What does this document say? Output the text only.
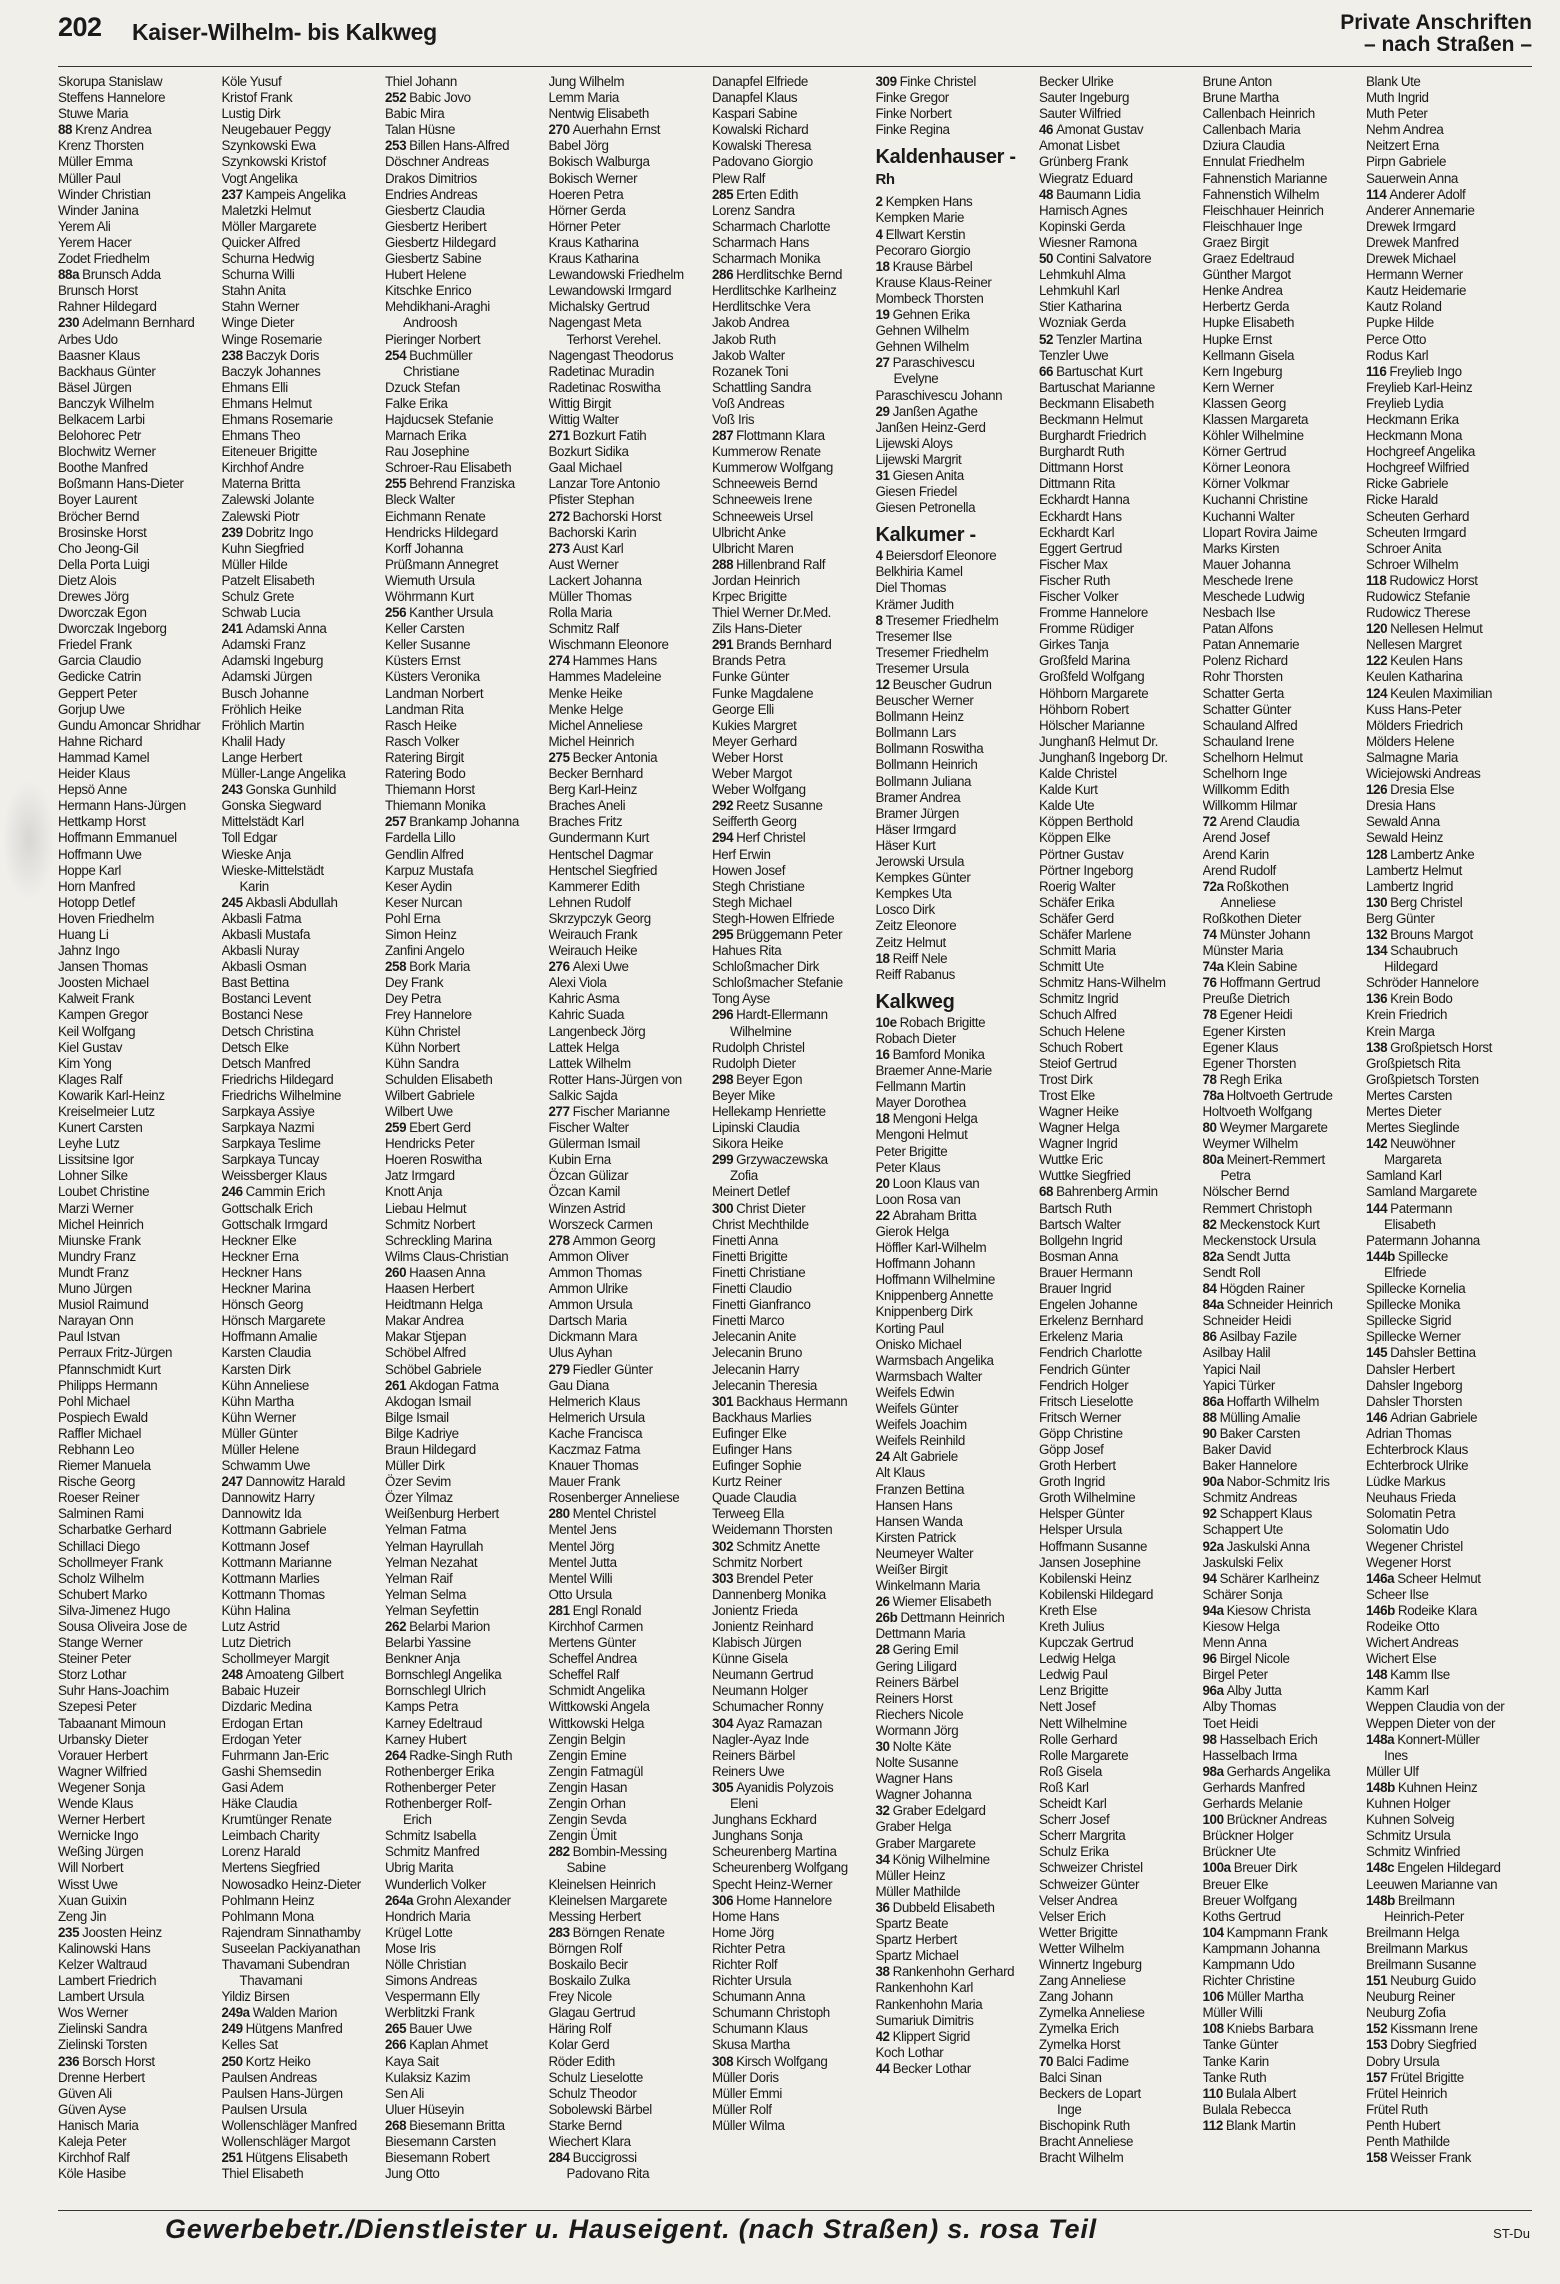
202 Kaiser-Wilhelm- bis Kalkweg	Private Anschriften
– nach Straßen –
Skorupa Stanislaw
Steffens Hannelore
Stuwe Maria
88 Krenz Andrea
Krenz Thorsten
Müller Emma
Müller Paul
Winder Christian
Winder Janina
Yerem Ali
Yerem Hacer
Zodet Friedhelm
88a Brunsch Adda
Brunsch Horst
Rahner Hildegard
230 Adelmann Bernhard
Arbes Udo
Baasner Klaus
Backhaus Günter
Bäsel Jürgen
Banczyk Wilhelm
Belkacem Larbi
Belohorec Petr
Blochwitz Werner
Boothe Manfred
Boßmann Hans-Dieter
Boyer Laurent
Bröcher Bernd
Brosinske Horst
Cho Jeong-Gil
Della Porta Luigi
Dietz Alois
Drewes Jörg
Dworczak Egon
Dworczak Ingeborg
Friedel Frank
Garcia Claudio
Gedicke Catrin
Geppert Peter
Gorjup Uwe
Gundu Amoncar Shridhar
Hahne Richard
Hammad Kamel
Heider Klaus
Hepsö Anne
Hermann Hans-Jürgen
Hettkamp Horst
Hoffmann Emmanuel
Hoffmann Uwe
Hoppe Karl
Horn Manfred
Hotopp Detlef
Hoven Friedhelm
Huang Li
Jahnz Ingo
Jansen Thomas
Joosten Michael
Kalweit Frank
Kampen Gregor
Keil Wolfgang
Kiel Gustav
Kim Yong
Klages Ralf
Kowarik Karl-Heinz
Kreiselmeier Lutz
Kunert Carsten
Leyhe Lutz
Lissitsine Igor
Lohner Silke
Loubet Christine
Marzi Werner
Michel Heinrich
Miunske Frank
Mundry Franz
Mundt Franz
Muno Jürgen
Musiol Raimund
Narayan Onn
Paul Istvan
Perraux Fritz-Jürgen
Pfannschmidt Kurt
Philipps Hermann
Pohl Michael
Pospiech Ewald
Raffler Michael
Rebhann Leo
Riemer Manuela
Rische Georg
Roeser Reiner
Salminen Rami
Scharbatke Gerhard
Schillaci Diego
Schollmeyer Frank
Scholz Wilhelm
Schubert Marko
Silva-Jimenez Hugo
Sousa Oliveira Jose de
Stange Werner
Steiner Peter
Storz Lothar
Suhr Hans-Joachim
Szepesi Peter
Tabaanant Mimoun
Urbansky Dieter
Vorauer Herbert
Wagner Wilfried
Wegener Sonja
Wende Klaus
Werner Herbert
Wernicke Ingo
Weßing Jürgen
Will Norbert
Wisst Uwe
Xuan Guixin
Zeng Jin
235 Joosten Heinz
Kalinowski Hans
Kelzer Waltraud
Lambert Friedrich
Lambert Ursula
Wos Werner
Zielinski Sandra
Zielinski Torsten
236 Borsch Horst
Drenne Herbert
Güven Ali
Güven Ayse
Hanisch Maria
Kaleja Peter
Kirchhof Ralf
Köle Hasibe
Köle Yusuf
Kristof Frank
Lustig Dirk
Neugebauer Peggy
Szynkowski Ewa
Szynkowski Kristof
Vogt Angelika
237 Kampeis Angelika
Maletzki Helmut
Möller Margarete
Quicker Alfred
Schurna Hedwig
Schurna Willi
Stahn Anita
Stahn Werner
Winge Dieter
Winge Rosemarie
238 Baczyk Doris
Baczyk Johannes
Ehmans Elli
Ehmans Helmut
Ehmans Rosemarie
Ehmans Theo
Eiteneuer Brigitte
Kirchhof Andre
Materna Britta
Zalewski Jolante
Zalewski Piotr
239 Dobritz Ingo
Kuhn Siegfried
Müller Hilde
Patzelt Elisabeth
Schulz Grete
Schwab Lucia
241 Adamski Anna
Adamski Franz
Adamski Ingeburg
Adamski Jürgen
Busch Johanne
Fröhlich Heike
Fröhlich Martin
Khalil Hady
Lange Herbert
Müller-Lange Angelika
243 Gonska Gunhild
Gonska Siegward
Mittelstädt Karl
Toll Edgar
Wieske Anja
Wieske-Mittelstädt
Karin
245 Akbasli Abdullah
Akbasli Fatma
Akbasli Mustafa
Akbasli Nuray
Akbasli Osman
Bast Bettina
Bostanci Levent
Bostanci Nese
Detsch Christina
Detsch Elke
Detsch Manfred
Friedrichs Hildegard
Friedrichs Wilhelmine
Sarpkaya Assiye
Sarpkaya Nazmi
Sarpkaya Teslime
Sarpkaya Tuncay
Weissberger Klaus
246 Cammin Erich
Gottschalk Erich
Gottschalk Irmgard
Heckner Elke
Heckner Erna
Heckner Hans
Heckner Marina
Hönsch Georg
Hönsch Margarete
Hoffmann Amalie
Karsten Claudia
Karsten Dirk
Kühn Anneliese
Kühn Martha
Kühn Werner
Müller Günter
Müller Helene
Schwamm Uwe
247 Dannowitz Harald
Dannowitz Harry
Dannowitz Ida
Kottmann Gabriele
Kottmann Josef
Kottmann Marianne
Kottmann Marlies
Kottmann Thomas
Kühn Halina
Lutz Astrid
Lutz Dietrich
Schollmeyer Margit
248 Amoateng Gilbert
Babaic Huzeir
Dizdaric Medina
Erdogan Ertan
Erdogan Yeter
Fuhrmann Jan-Eric
Gashi Shemsedin
Gasi Adem
Häke Claudia
Krumtünger Renate
Leimbach Charity
Lorenz Harald
Mertens Siegfried
Nowosadko Heinz-Dieter
Pohlmann Heinz
Pohlmann Mona
Rajendram Sinnathamby
Suseelan Packiyanathan
Thavamani Subendran
Thavamani
Yildiz Birsen
249a Walden Marion
249 Hütgens Manfred
Kelles Sat
250 Kortz Heiko
Paulsen Andreas
Paulsen Hans-Jürgen
Paulsen Ursula
Wollenschläger Manfred
Wollenschläger Margot
251 Hütgens Elisabeth
Thiel Elisabeth
Thiel Johann
252 Babic Jovo
Babic Mira
Talan Hüsne
253 Billen Hans-Alfred
Döschner Andreas
Drakos Dimitrios
Endries Andreas
Giesbertz Claudia
Giesbertz Heribert
Giesbertz Hildegard
Giesbertz Sabine
Hubert Helene
Kitschke Enrico
Mehdikhani-Araghi
Androosh
Pieringer Norbert
254 Buchmüller
Christiane
Dzuck Stefan
Falke Erika
Hajducsek Stefanie
Marnach Erika
Rau Josephine
Schroer-Rau Elisabeth
255 Behrend Franziska
Bleck Walter
Eichmann Renate
Hendricks Hildegard
Korff Johanna
Prüßmann Annegret
Wiemuth Ursula
Wöhrmann Kurt
256 Kanther Ursula
Keller Carsten
Keller Susanne
Küsters Ernst
Küsters Veronika
Landman Norbert
Landman Rita
Rasch Heike
Rasch Volker
Ratering Birgit
Ratering Bodo
Thiemann Horst
Thiemann Monika
257 Brankamp Johanna
Fardella Lillo
Gendlin Alfred
Karpuz Mustafa
Keser Aydin
Keser Nurcan
Pohl Erna
Simon Heinz
Zanfini Angelo
258 Bork Maria
Dey Frank
Dey Petra
Frey Hannelore
Kühn Christel
Kühn Norbert
Kühn Sandra
Schulden Elisabeth
Wilbert Gabriele
Wilbert Uwe
259 Ebert Gerd
Hendricks Peter
Hoeren Roswitha
Jatz Irmgard
Knott Anja
Liebau Helmut
Schmitz Norbert
Schreckling Marina
Wilms Claus-Christian
260 Haasen Anna
Haasen Herbert
Heidtmann Helga
Makar Andrea
Makar Stjepan
Schöbel Alfred
Schöbel Gabriele
261 Akdogan Fatma
Akdogan Ismail
Bilge Ismail
Bilge Kadriye
Braun Hildegard
Müller Dirk
Özer Sevim
Özer Yilmaz
Weißenburg Herbert
Yelman Fatma
Yelman Hayrullah
Yelman Nezahat
Yelman Raif
Yelman Selma
Yelman Seyfettin
262 Belarbi Marion
Belarbi Yassine
Benkner Anja
Bornschlegl Angelika
Bornschlegl Ulrich
Kamps Petra
Karney Edeltraud
Karney Hubert
264 Radke-Singh Ruth
Rothenberger Erika
Rothenberger Peter
Rothenberger Rolf-
Erich
Schmitz Isabella
Schmitz Manfred
Ubrig Marita
Wunderlich Volker
264a Grohn Alexander
Hondrich Maria
Krügel Lotte
Mose Iris
Nölle Christian
Simons Andreas
Vespermann Elly
Werblitzki Frank
265 Bauer Uwe
266 Kaplan Ahmet
Kaya Sait
Kulaksiz Kazim
Sen Ali
Uluer Hüseyin
268 Biesemann Britta
Biesemann Carsten
Biesemann Robert
Jung Otto
Jung Wilhelm
Lemm Maria
Nentwig Elisabeth
270 Auerhahn Ernst
Babel Jörg
Bokisch Walburga
Bokisch Werner
Hoeren Petra
Hörner Gerda
Hörner Peter
Kraus Katharina
Kraus Katharina
Lewandowski Friedhelm
Lewandowski Irmgard
Michalsky Gertrud
Nagengast Meta
Terhorst Verehel.
Nagengast Theodorus
Radetinac Muradin
Radetinac Roswitha
Wittig Birgit
Wittig Walter
271 Bozkurt Fatih
Bozkurt Sidika
Gaal Michael
Lanzar Tore Antonio
Pfister Stephan
272 Bachorski Horst
Bachorski Karin
273 Aust Karl
Aust Werner
Lackert Johanna
Müller Thomas
Rolla Maria
Schmitz Ralf
Wischmann Eleonore
274 Hammes Hans
Hammes Madeleine
Menke Heike
Menke Helge
Michel Anneliese
Michel Heinrich
275 Becker Antonia
Becker Bernhard
Berg Karl-Heinz
Braches Aneli
Braches Fritz
Gundermann Kurt
Hentschel Dagmar
Hentschel Siegfried
Kammerer Edith
Lehnen Rudolf
Skrzypczyk Georg
Weirauch Frank
Weirauch Heike
276 Alexi Uwe
Alexi Viola
Kahric Asma
Kahric Suada
Langenbeck Jörg
Lattek Helga
Lattek Wilhelm
Rotter Hans-Jürgen von
Salkic Sajda
277 Fischer Marianne
Fischer Walter
Gülerman Ismail
Kubin Erna
Özcan Gülizar
Özcan Kamil
Winzen Astrid
Worszeck Carmen
278 Ammon Georg
Ammon Oliver
Ammon Thomas
Ammon Ulrike
Ammon Ursula
Dartsch Maria
Dickmann Mara
Ulus Ayhan
279 Fiedler Günter
Gau Diana
Helmerich Klaus
Helmerich Ursula
Kache Francisca
Kaczmaz Fatma
Knauer Thomas
Mauer Frank
Rosenberger Anneliese
280 Mentel Christel
Mentel Jens
Mentel Jörg
Mentel Jutta
Mentel Willi
Otto Ursula
281 Engl Ronald
Kirchhof Carmen
Mertens Günter
Scheffel Andrea
Scheffel Ralf
Schmidt Angelika
Wittkowski Angela
Wittkowski Helga
Zengin Belgin
Zengin Emine
Zengin Fatmagül
Zengin Hasan
Zengin Orhan
Zengin Sevda
Zengin Ümit
282 Bombin-Messing
Sabine
Kleinelsen Heinrich
Kleinelsen Margarete
Messing Herbert
283 Börngen Renate
Börngen Rolf
Boskailo Becir
Boskailo Zulka
Frey Nicole
Glagau Gertrud
Häring Rolf
Kolar Gerd
Röder Edith
Schulz Lieselotte
Schulz Theodor
Sobolewski Bärbel
Starke Bernd
Wiechert Klara
284 Buccigrossi
Padovano Rita
Danapfel Elfriede
Danapfel Klaus
Kaspari Sabine
Kowalski Richard
Kowalski Theresa
Padovano Giorgio
Plew Ralf
285 Erten Edith
Lorenz Sandra
Scharmach Charlotte
Scharmach Hans
Scharmach Monika
286 Herdlitschke Bernd
Herdlitschke Karlheinz
Herdlitschke Vera
Jakob Andrea
Jakob Ruth
Jakob Walter
Rozanek Toni
Schattling Sandra
Voß Andreas
Voß Iris
287 Flottmann Klara
Kummerow Renate
Kummerow Wolfgang
Schneeweis Bernd
Schneeweis Irene
Schneeweis Ursel
Ulbricht Anke
Ulbricht Maren
288 Hillenbrand Ralf
Jordan Heinrich
Krpec Brigitte
Thiel Werner Dr.Med.
Zils Hans-Dieter
291 Brands Bernhard
Brands Petra
Funke Günter
Funke Magdalene
George Elli
Kukies Margret
Meyer Gerhard
Weber Horst
Weber Margot
Weber Wolfgang
292 Reetz Susanne
Seifferth Georg
294 Herf Christel
Herf Erwin
Howen Josef
Stegh Christiane
Stegh Michael
Stegh-Howen Elfriede
295 Brüggemann Peter
Hahues Rita
Schloßmacher Dirk
Schloßmacher Stefanie
Tong Ayse
296 Hardt-Ellermann
Wilhelmine
Rudolph Christel
Rudolph Dieter
298 Beyer Egon
Beyer Mike
Hellekamp Henriette
Lipinski Claudia
Sikora Heike
299 Grzywaczewska
Zofia
Meinert Detlef
300 Christ Dieter
Christ Mechthilde
Finetti Anna
Finetti Brigitte
Finetti Christiane
Finetti Claudio
Finetti Gianfranco
Finetti Marco
Jelecanin Anite
Jelecanin Bruno
Jelecanin Harry
Jelecanin Theresia
301 Backhaus Hermann
Backhaus Marlies
Eufinger Elke
Eufinger Hans
Eufinger Sophie
Kurtz Reiner
Quade Claudia
Terweeg Ella
Weidemann Thorsten
302 Schmitz Anette
Schmitz Norbert
303 Brendel Peter
Dannenberg Monika
Jonientz Frieda
Jonientz Reinhard
Klabisch Jürgen
Künne Gisela
Neumann Gertrud
Neumann Holger
Schumacher Ronny
304 Ayaz Ramazan
Nagler-Ayaz Inde
Reiners Bärbel
Reiners Uwe
305 Ayanidis Polyzois
Eleni
Junghans Eckhard
Junghans Sonja
Scheurenberg Martina
Scheurenberg Wolfgang
Specht Heinz-Werner
306 Home Hannelore
Home Hans
Home Jörg
Richter Petra
Richter Rolf
Richter Ursula
Schumann Anna
Schumann Christoph
Schumann Klaus
Skusa Martha
308 Kirsch Wolfgang
Müller Doris
Müller Emmi
Müller Rolf
Müller Wilma
309 Finke Christel
Finke Gregor
Finke Norbert
Finke Regina
Kaldenhauser -
Rh
2 Kempken Hans
Kempken Marie
4 Ellwart Kerstin
Pecoraro Giorgio
18 Krause Bärbel
Krause Klaus-Reiner
Mombeck Thorsten
19 Gehnen Erika
Gehnen Wilhelm
Gehnen Wilhelm
27 Paraschivescu
Evelyne
Paraschivescu Johann
29 Janßen Agathe
Janßen Heinz-Gerd
Lijewski Aloys
Lijewski Margrit
31 Giesen Anita
Giesen Friedel
Giesen Petronella
Kalkumer -
4 Beiersdorf Eleonore
Belkhiria Kamel
Diel Thomas
Krämer Judith
8 Tresemer Friedhelm
Tresemer Ilse
Tresemer Friedhelm
Tresemer Ursula
12 Beuscher Gudrun
Beuscher Werner
Bollmann Heinz
Bollmann Lars
Bollmann Roswitha
Bollmann Heinrich
Bollmann Juliana
Bramer Andrea
Bramer Jürgen
Häser Irmgard
Häser Kurt
Jerowski Ursula
Kempkes Günter
Kempkes Uta
Losco Dirk
Zeitz Eleonore
Zeitz Helmut
18 Reiff Nele
Reiff Rabanus
Kalkweg
10e Robach Brigitte
Robach Dieter
16 Bamford Monika
Braemer Anne-Marie
Fellmann Martin
Mayer Dorothea
18 Mengoni Helga
Mengoni Helmut
Peter Brigitte
Peter Klaus
20 Loon Klaus van
Loon Rosa van
22 Abraham Britta
Gierok Helga
Höffler Karl-Wilhelm
Hoffmann Johann
Hoffmann Wilhelmine
Knippenberg Annette
Knippenberg Dirk
Korting Paul
Onisko Michael
Warmsbach Angelika
Warmsbach Walter
Weifels Edwin
Weifels Günter
Weifels Joachim
Weifels Reinhild
24 Alt Gabriele
Alt Klaus
Franzen Bettina
Hansen Hans
Hansen Wanda
Kirsten Patrick
Neumeyer Walter
Weißer Birgit
Winkelmann Maria
26 Wiemer Elisabeth
26b Dettmann Heinrich
Dettmann Maria
28 Gering Emil
Gering Liligard
Reiners Bärbel
Reiners Horst
Riechers Nicole
Wormann Jörg
30 Nolte Käte
Nolte Susanne
Wagner Hans
Wagner Johanna
32 Graber Edelgard
Graber Helga
Graber Margarete
34 König Wilhelmine
Müller Heinz
Müller Mathilde
36 Dubbeld Elisabeth
Spartz Beate
Spartz Herbert
Spartz Michael
38 Rankenhohn Gerhard
Rankenhohn Karl
Rankenhohn Maria
Sumariuk Dimitris
42 Klippert Sigrid
Koch Lothar
44 Becker Lothar
Becker Ulrike
Sauter Ingeburg
Sauter Wilfried
46 Amonat Gustav
Amonat Lisbet
Grünberg Frank
Wiegratz Eduard
48 Baumann Lidia
Harnisch Agnes
Kopinski Gerda
Wiesner Ramona
50 Contini Salvatore
Lehmkuhl Alma
Lehmkuhl Karl
Stier Katharina
Wozniak Gerda
52 Tenzler Martina
Tenzler Uwe
66 Bartuschat Kurt
Bartuschat Marianne
Beckmann Elisabeth
Beckmann Helmut
Burghardt Friedrich
Burghardt Ruth
Dittmann Horst
Dittmann Rita
Eckhardt Hanna
Eckhardt Hans
Eckhardt Karl
Eggert Gertrud
Fischer Max
Fischer Ruth
Fischer Volker
Fromme Hannelore
Fromme Rüdiger
Girkes Tanja
Großfeld Marina
Großfeld Wolfgang
Höhborn Margarete
Höhborn Robert
Hölscher Marianne
Junghanß Helmut Dr.
Junghanß Ingeborg Dr.
Kalde Christel
Kalde Kurt
Kalde Ute
Köppen Berthold
Köppen Elke
Pörtner Gustav
Pörtner Ingeborg
Roerig Walter
Schäfer Erika
Schäfer Gerd
Schäfer Marlene
Schmitt Maria
Schmitt Ute
Schmitz Hans-Wilhelm
Schmitz Ingrid
Schuch Alfred
Schuch Helene
Schuch Robert
Steiof Gertrud
Trost Dirk
Trost Elke
Wagner Heike
Wagner Helga
Wagner Ingrid
Wuttke Eric
Wuttke Siegfried
68 Bahrenberg Armin
Bartsch Ruth
Bartsch Walter
Bollgehn Ingrid
Bosman Anna
Brauer Hermann
Brauer Ingrid
Engelen Johanne
Erkelenz Bernhard
Erkelenz Maria
Fendrich Charlotte
Fendrich Günter
Fendrich Holger
Fritsch Lieselotte
Fritsch Werner
Göpp Christine
Göpp Josef
Groth Herbert
Groth Ingrid
Groth Wilhelmine
Helsper Günter
Helsper Ursula
Hoffmann Susanne
Jansen Josephine
Kobilenski Heinz
Kobilenski Hildegard
Kreth Else
Kreth Julius
Kupczak Gertrud
Ledwig Helga
Ledwig Paul
Lenz Brigitte
Nett Josef
Nett Wilhelmine
Rolle Gerhard
Rolle Margarete
Roß Gisela
Roß Karl
Scheidt Karl
Scherr Josef
Scherr Margrita
Schulz Erika
Schweizer Christel
Schweizer Günter
Velser Andrea
Velser Erich
Wetter Brigitte
Wetter Wilhelm
Winnertz Ingeburg
Zang Anneliese
Zang Johann
Zymelka Anneliese
Zymelka Erich
Zymelka Horst
70 Balci Fadime
Balci Sinan
Beckers de Lopart
Inge
Bischopink Ruth
Bracht Anneliese
Bracht Wilhelm
Brune Anton
Brune Martha
Callenbach Heinrich
Callenbach Maria
Dziura Claudia
Ennulat Friedhelm
Fahnenstich Marianne
Fahnenstich Wilhelm
Fleischhauer Heinrich
Fleischhauer Inge
Graez Birgit
Graez Edeltraud
Günther Margot
Henke Andrea
Herbertz Gerda
Hupke Elisabeth
Hupke Ernst
Kellmann Gisela
Kern Ingeburg
Kern Werner
Klassen Georg
Klassen Margareta
Köhler Wilhelmine
Körner Gertrud
Körner Leonora
Körner Volkmar
Kuchanni Christine
Kuchanni Walter
Llopart Rovira Jaime
Marks Kirsten
Mauer Johanna
Meschede Irene
Meschede Ludwig
Nesbach Ilse
Patan Alfons
Patan Annemarie
Polenz Richard
Rohr Thorsten
Schatter Gerta
Schatter Günter
Schauland Alfred
Schauland Irene
Schelhorn Helmut
Schelhorn Inge
Willkomm Edith
Willkomm Hilmar
72 Arend Claudia
Arend Josef
Arend Karin
Arend Rudolf
72a Roßkothen
Anneliese
Roßkothen Dieter
74 Münster Johann
Münster Maria
74a Klein Sabine
76 Hoffmann Gertrud
Preuße Dietrich
78 Egener Heidi
Egener Kirsten
Egener Klaus
Egener Thorsten
78 Regh Erika
78a Holtvoeth Gertrude
Holtvoeth Wolfgang
80 Weymer Margarete
Weymer Wilhelm
80a Meinert-Remmert
Petra
Nölscher Bernd
Remmert Christoph
82 Meckenstock Kurt
Meckenstock Ursula
82a Sendt Jutta
Sendt Roll
84 Högden Rainer
84a Schneider Heinrich
Schneider Heidi
86 Asilbay Fazile
Asilbay Halil
Yapici Nail
Yapici Türker
86a Hoffarth Wilhelm
88 Mülling Amalie
90 Baker Carsten
Baker David
Baker Hannelore
90a Nabor-Schmitz Iris
Schmitz Andreas
92 Schappert Klaus
Schappert Ute
92a Jaskulski Anna
Jaskulski Felix
94 Schärer Karlheinz
Schärer Sonja
94a Kiesow Christa
Kiesow Helga
Menn Anna
96 Birgel Nicole
Birgel Peter
96a Alby Jutta
Alby Thomas
Toet Heidi
98 Hasselbach Erich
Hasselbach Irma
98a Gerhards Angelika
Gerhards Manfred
Gerhards Melanie
100 Brückner Andreas
Brückner Holger
Brückner Ute
100a Breuer Dirk
Breuer Elke
Breuer Wolfgang
Koths Gertrud
104 Kampmann Frank
Kampmann Johanna
Kampmann Udo
Richter Christine
106 Müller Martha
Müller Willi
108 Kniebs Barbara
Tanke Günter
Tanke Karin
Tanke Ruth
110 Bulala Albert
Bulala Rebecca
112 Blank Martin
Blank Ute
Muth Ingrid
Muth Peter
Nehm Andrea
Neitzert Erna
Pirpn Gabriele
Sauerwein Anna
114 Anderer Adolf
Anderer Annemarie
Drewek Irmgard
Drewek Manfred
Drewek Michael
Hermann Werner
Kautz Heidemarie
Kautz Roland
Pupke Hilde
Perce Otto
Rodus Karl
116 Freylieb Ingo
Freylieb Karl-Heinz
Freylieb Lydia
Heckmann Erika
Heckmann Mona
Hochgreef Angelika
Hochgreef Wilfried
Ricke Gabriele
Ricke Harald
Scheuten Gerhard
Scheuten Irmgard
Schroer Anita
Schroer Wilhelm
118 Rudowicz Horst
Rudowicz Stefanie
Rudowicz Therese
120 Nellesen Helmut
Nellesen Margret
122 Keulen Hans
Keulen Katharina
124 Keulen Maximilian
Kuss Hans-Peter
Mölders Friedrich
Mölders Helene
Salmagne Maria
Wiciejowski Andreas
126 Dresia Else
Dresia Hans
Sewald Anna
Sewald Heinz
128 Lambertz Anke
Lambertz Helmut
Lambertz Ingrid
130 Berg Christel
Berg Günter
132 Brouns Margot
134 Schaubruch
Hildegard
Schröder Hannelore
136 Krein Bodo
Krein Friedrich
Krein Marga
138 Großpietsch Horst
Großpietsch Rita
Großpietsch Torsten
Mertes Carsten
Mertes Dieter
Mertes Sieglinde
142 Neuwöhner
Margareta
Samland Karl
Samland Margarete
144 Patermann
Elisabeth
Patermann Johanna
144b Spillecke
Elfriede
Spillecke Kornelia
Spillecke Monika
Spillecke Sigrid
Spillecke Werner
145 Dahsler Bettina
Dahsler Herbert
Dahsler Ingeborg
Dahsler Thorsten
146 Adrian Gabriele
Adrian Thomas
Echterbrock Klaus
Echterbrock Ulrike
Lüdke Markus
Neuhaus Frieda
Solomatin Petra
Solomatin Udo
Wegener Christel
Wegener Horst
146a Scheer Helmut
Scheer Ilse
146b Rodeike Klara
Rodeike Otto
Wichert Andreas
Wichert Else
148 Kamm Ilse
Kamm Karl
Weppen Claudia von der
Weppen Dieter von der
148a Konnert-Müller
Ines
Müller Ulf
148b Kuhnen Heinz
Kuhnen Holger
Kuhnen Solveig
Schmitz Ursula
Schmitz Winfried
148c Engelen Hildegard
Leeuwen Marianne van
148b Breilmann
Heinrich-Peter
Breilmann Helga
Breilmann Markus
Breilmann Susanne
151 Neuburg Guido
Neuburg Reiner
Neuburg Zofia
152 Kissmann Irene
153 Dobry Siegfried
Dobry Ursula
157 Frütel Brigitte
Frütel Heinrich
Frütel Ruth
Penth Hubert
Penth Mathilde
158 Weisser Frank
Gewerbebetr./Dienstleister u. Hauseigent. (nach Straßen) s. rosa Teil	ST-Du
